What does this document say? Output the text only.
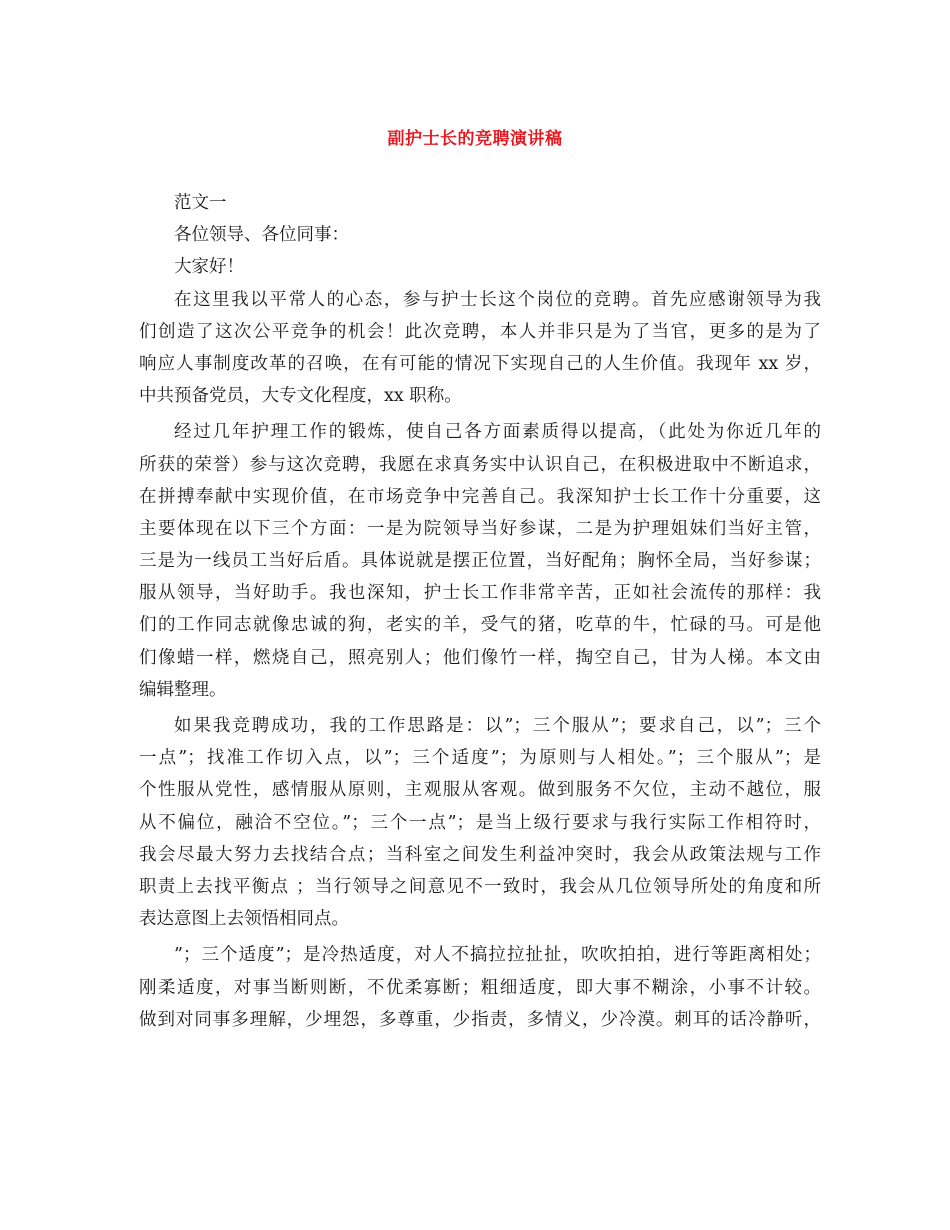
副护士长的竞聘演讲稿
范文一
各位领导、各位同事：
大家好！
在这里我以平常人的心态，参与护士长这个岗位的竞聘。首先应感谢领导为我
们创造了这次公平竞争的机会！此次竞聘，本人并非只是为了当官，更多的是为了
响应人事制度改革的召唤，在有可能的情况下实现自己的人生价值。我现年 xx 岁，
中共预备党员，大专文化程度，xx 职称。
经过几年护理工作的锻炼，使自己各方面素质得以提高，（此处为你近几年的
所获的荣誉）参与这次竞聘，我愿在求真务实中认识自己，在积极进取中不断追求，
在拼搏奉献中实现价值，在市场竞争中完善自己。我深知护士长工作十分重要，这
主要体现在以下三个方面：一是为院领导当好参谋，二是为护理姐妹们当好主管，
三是为一线员工当好后盾。具体说就是摆正位置，当好配角；胸怀全局，当好参谋；
服从领导，当好助手。我也深知，护士长工作非常辛苦，正如社会流传的那样：我
们的工作同志就像忠诚的狗，老实的羊，受气的猪，吃草的牛，忙碌的马。可是他
们像蜡一样，燃烧自己，照亮别人；他们像竹一样，掏空自己，甘为人梯。本文由
编辑整理。
如果我竞聘成功，我的工作思路是：以”；三个服从”；要求自己，以”；三个
一点”；找准工作切入点，以”；三个适度”；为原则与人相处。”；三个服从”；是
个性服从党性，感情服从原则，主观服从客观。做到服务不欠位，主动不越位，服
从不偏位，融洽不空位。”；三个一点”；是当上级行要求与我行实际工作相符时，
我会尽最大努力去找结合点；当科室之间发生利益冲突时，我会从政策法规与工作
职责上去找平衡点 ；当行领导之间意见不一致时，我会从几位领导所处的角度和所
表达意图上去领悟相同点。
”；三个适度”；是冷热适度，对人不搞拉拉扯扯，吹吹拍拍，进行等距离相处；
刚柔适度，对事当断则断，不优柔寡断；粗细适度，即大事不糊涂，小事不计较。
做到对同事多理解，少埋怨，多尊重，少指责，多情义，少冷漠。刺耳的话冷静听，
